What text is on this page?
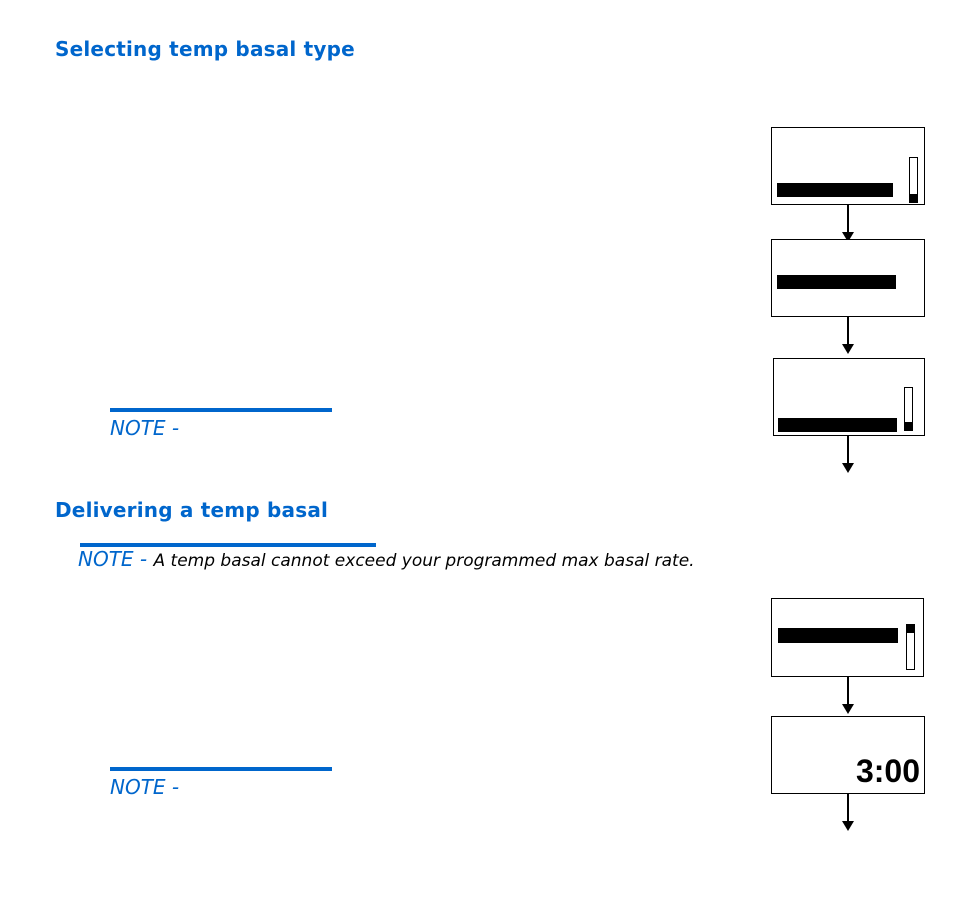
Selecting temp basal type
NOTE -
Delivering a temp basal
NOTE - A temp basal cannot exceed your programmed max basal rate.
NOTE -	3:00
